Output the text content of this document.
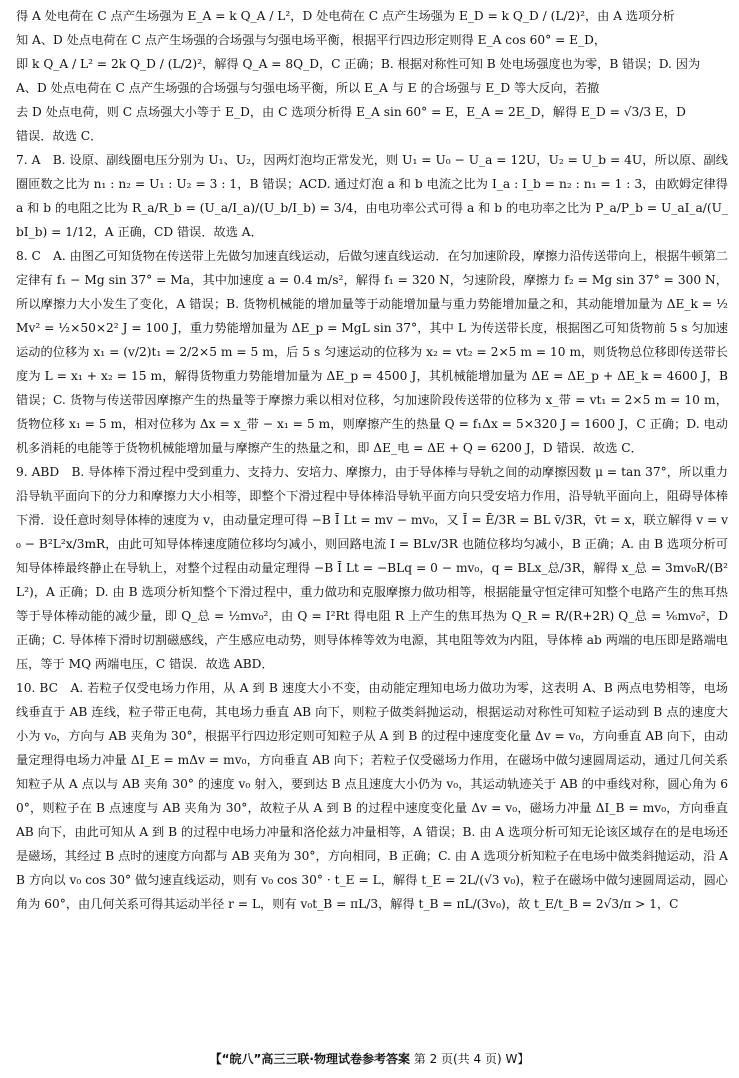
得 A 处电荷在 C 点产生场强为 E_A = k Q_A / L²，D 处电荷在 C 点产生场强为 E_D = k Q_D / (L/2)²，由 A 选项分析

知 A、D 处点电荷在 C 点产生场强的合场强与匀强电场平衡，根据平行四边形定则得 E_A cos 60° = E_D，

即 k Q_A / L² = 2k Q_D / (L/2)²，解得 Q_A = 8Q_D，C 正确；B. 根据对称性可知 B 处电场强度也为零，B 错误；D. 因为

A、D 处点电荷在 C 点产生场强的合场强与匀强电场平衡，所以 E_A 与 E 的合场强与 E_D 等大反向，若撤

去 D 处点电荷，则 C 点场强大小等于 E_D，由 C 选项分析得 E_A sin 60° = E，E_A = 2E_D，解得 E_D = √3/3 E，D

错误．故选 C．

7. A　B. 设原、副线圈电压分别为 U₁、U₂，因两灯泡均正常发光，则 U₁ = U₀ − U_a = 12U，U₂ = U_b = 4U，所以原、副线圈匝数之比为 n₁ : n₂ = U₁ : U₂ = 3 : 1，B 错误；ACD. 通过灯泡 a 和 b 电流之比为 I_a : I_b = n₂ : n₁ = 1 : 3，由欧姆定律得 a 和 b 的电阻之比为 R_a/R_b = (U_a/I_a)/(U_b/I_b) = 3/4，由电功率公式可得 a 和 b 的电功率之比为 P_a/P_b = U_aI_a/(U_bI_b) = 1/12，A 正确，CD 错误．故选 A．

8. C　A. 由图乙可知货物在传送带上先做匀加速直线运动，后做匀速直线运动．在匀加速阶段，摩擦力沿传送带向上，根据牛顿第二定律有 f₁ − Mg sin 37° = Ma，其中加速度 a = 0.4 m/s²，解得 f₁ = 320 N，匀速阶段，摩擦力 f₂ = Mg sin 37° = 300 N，所以摩擦力大小发生了变化，A 错误；B. 货物机械能的增加量等于动能增加量与重力势能增加量之和，其动能增加量为 ΔE_k = ½Mv² = ½×50×2² J = 100 J，重力势能增加量为 ΔE_p = MgL sin 37°，其中 L 为传送带长度，根据图乙可知货物前 5 s 匀加速运动的位移为 x₁ = (v/2)t₁ = 2/2×5 m = 5 m，后 5 s 匀速运动的位移为 x₂ = vt₂ = 2×5 m = 10 m，则货物总位移即传送带长度为 L = x₁ + x₂ = 15 m，解得货物重力势能增加量为 ΔE_p = 4500 J，其机械能增加量为 ΔE = ΔE_p + ΔE_k = 4600 J，B 错误；C. 货物与传送带因摩擦产生的热量等于摩擦力乘以相对位移，匀加速阶段传送带的位移为 x_带 = vt₁ = 2×5 m = 10 m，货物位移 x₁ = 5 m，相对位移为 Δx = x_带 − x₁ = 5 m，则摩擦产生的热量 Q = f₁Δx = 5×320 J = 1600 J，C 正确；D. 电动机多消耗的电能等于货物机械能增加量与摩擦产生的热量之和，即 ΔE_电 = ΔE + Q = 6200 J，D 错误．故选 C．

9. ABD　B. 导体棒下滑过程中受到重力、支持力、安培力、摩擦力，由于导体棒与导轨之间的动摩擦因数 μ = tan 37°，所以重力沿导轨平面向下的分力和摩擦力大小相等，即整个下滑过程中导体棒沿导轨平面方向只受安培力作用，沿导轨平面向上，阻碍导体棒下滑．设任意时刻导体棒的速度为 v，由动量定理可得 −B Ī Lt = mv − mv₀，又 Ī = Ē/3R = BL v̄/3R，v̄t = x，联立解得 v = v₀ − B²L²x/3mR，由此可知导体棒速度随位移均匀减小，则回路电流 I = BLv/3R 也随位移均匀减小，B 正确；A. 由 B 选项分析可知导体棒最终静止在导轨上，对整个过程由动量定理得 −B Ī Lt = −BLq = 0 − mv₀，q = BLx_总/3R，解得 x_总 = 3mv₀R/(B²L²)，A 正确；D. 由 B 选项分析知整个下滑过程中，重力做功和克服摩擦力做功相等，根据能量守恒定律可知整个电路产生的焦耳热等于导体棒动能的减少量，即 Q_总 = ½mv₀²，由 Q = I²Rt 得电阻 R 上产生的焦耳热为 Q_R = R/(R+2R) Q_总 = ⅙mv₀²，D 正确；C. 导体棒下滑时切割磁感线，产生感应电动势，则导体棒等效为电源，其电阻等效为内阻，导体棒 ab 两端的电压即是路端电压，等于 MQ 两端电压，C 错误．故选 ABD．

10. BC　A. 若粒子仅受电场力作用，从 A 到 B 速度大小不变，由动能定理知电场力做功为零，这表明 A、B 两点电势相等，电场线垂直于 AB 连线，粒子带正电荷，其电场力垂直 AB 向下，则粒子做类斜抛运动，根据运动对称性可知粒子运动到 B 点的速度大小为 v₀，方向与 AB 夹角为 30°，根据平行四边形定则可知粒子从 A 到 B 的过程中速度变化量 Δv = v₀，方向垂直 AB 向下，由动量定理得电场力冲量 ΔI_E = mΔv = mv₀，方向垂直 AB 向下；若粒子仅受磁场力作用，在磁场中做匀速圆周运动，通过几何关系知粒子从 A 点以与 AB 夹角 30° 的速度 v₀ 射入，要到达 B 点且速度大小仍为 v₀，其运动轨迹关于 AB 的中垂线对称，圆心角为 60°，则粒子在 B 点速度与 AB 夹角为 30°，故粒子从 A 到 B 的过程中速度变化量 Δv = v₀，磁场力冲量 ΔI_B = mv₀，方向垂直 AB 向下，由此可知从 A 到 B 的过程中电场力冲量和洛伦兹力冲量相等，A 错误；B. 由 A 选项分析可知无论该区域存在的是电场还是磁场，其经过 B 点时的速度方向都与 AB 夹角为 30°，方向相同，B 正确；C. 由 A 选项分析知粒子在电场中做类斜抛运动，沿 AB 方向以 v₀ cos 30° 做匀速直线运动，则有 v₀ cos 30° · t_E = L，解得 t_E = 2L/(√3 v₀)，粒子在磁场中做匀速圆周运动，圆心角为 60°，由几何关系可得其运动半径 r = L，则有 v₀t_B = πL/3，解得 t_B = πL/(3v₀)，故 t_E/t_B = 2√3/π > 1，C

【“皖八”高三三联·物理试卷参考答案 第 2 页(共 4 页) W】
